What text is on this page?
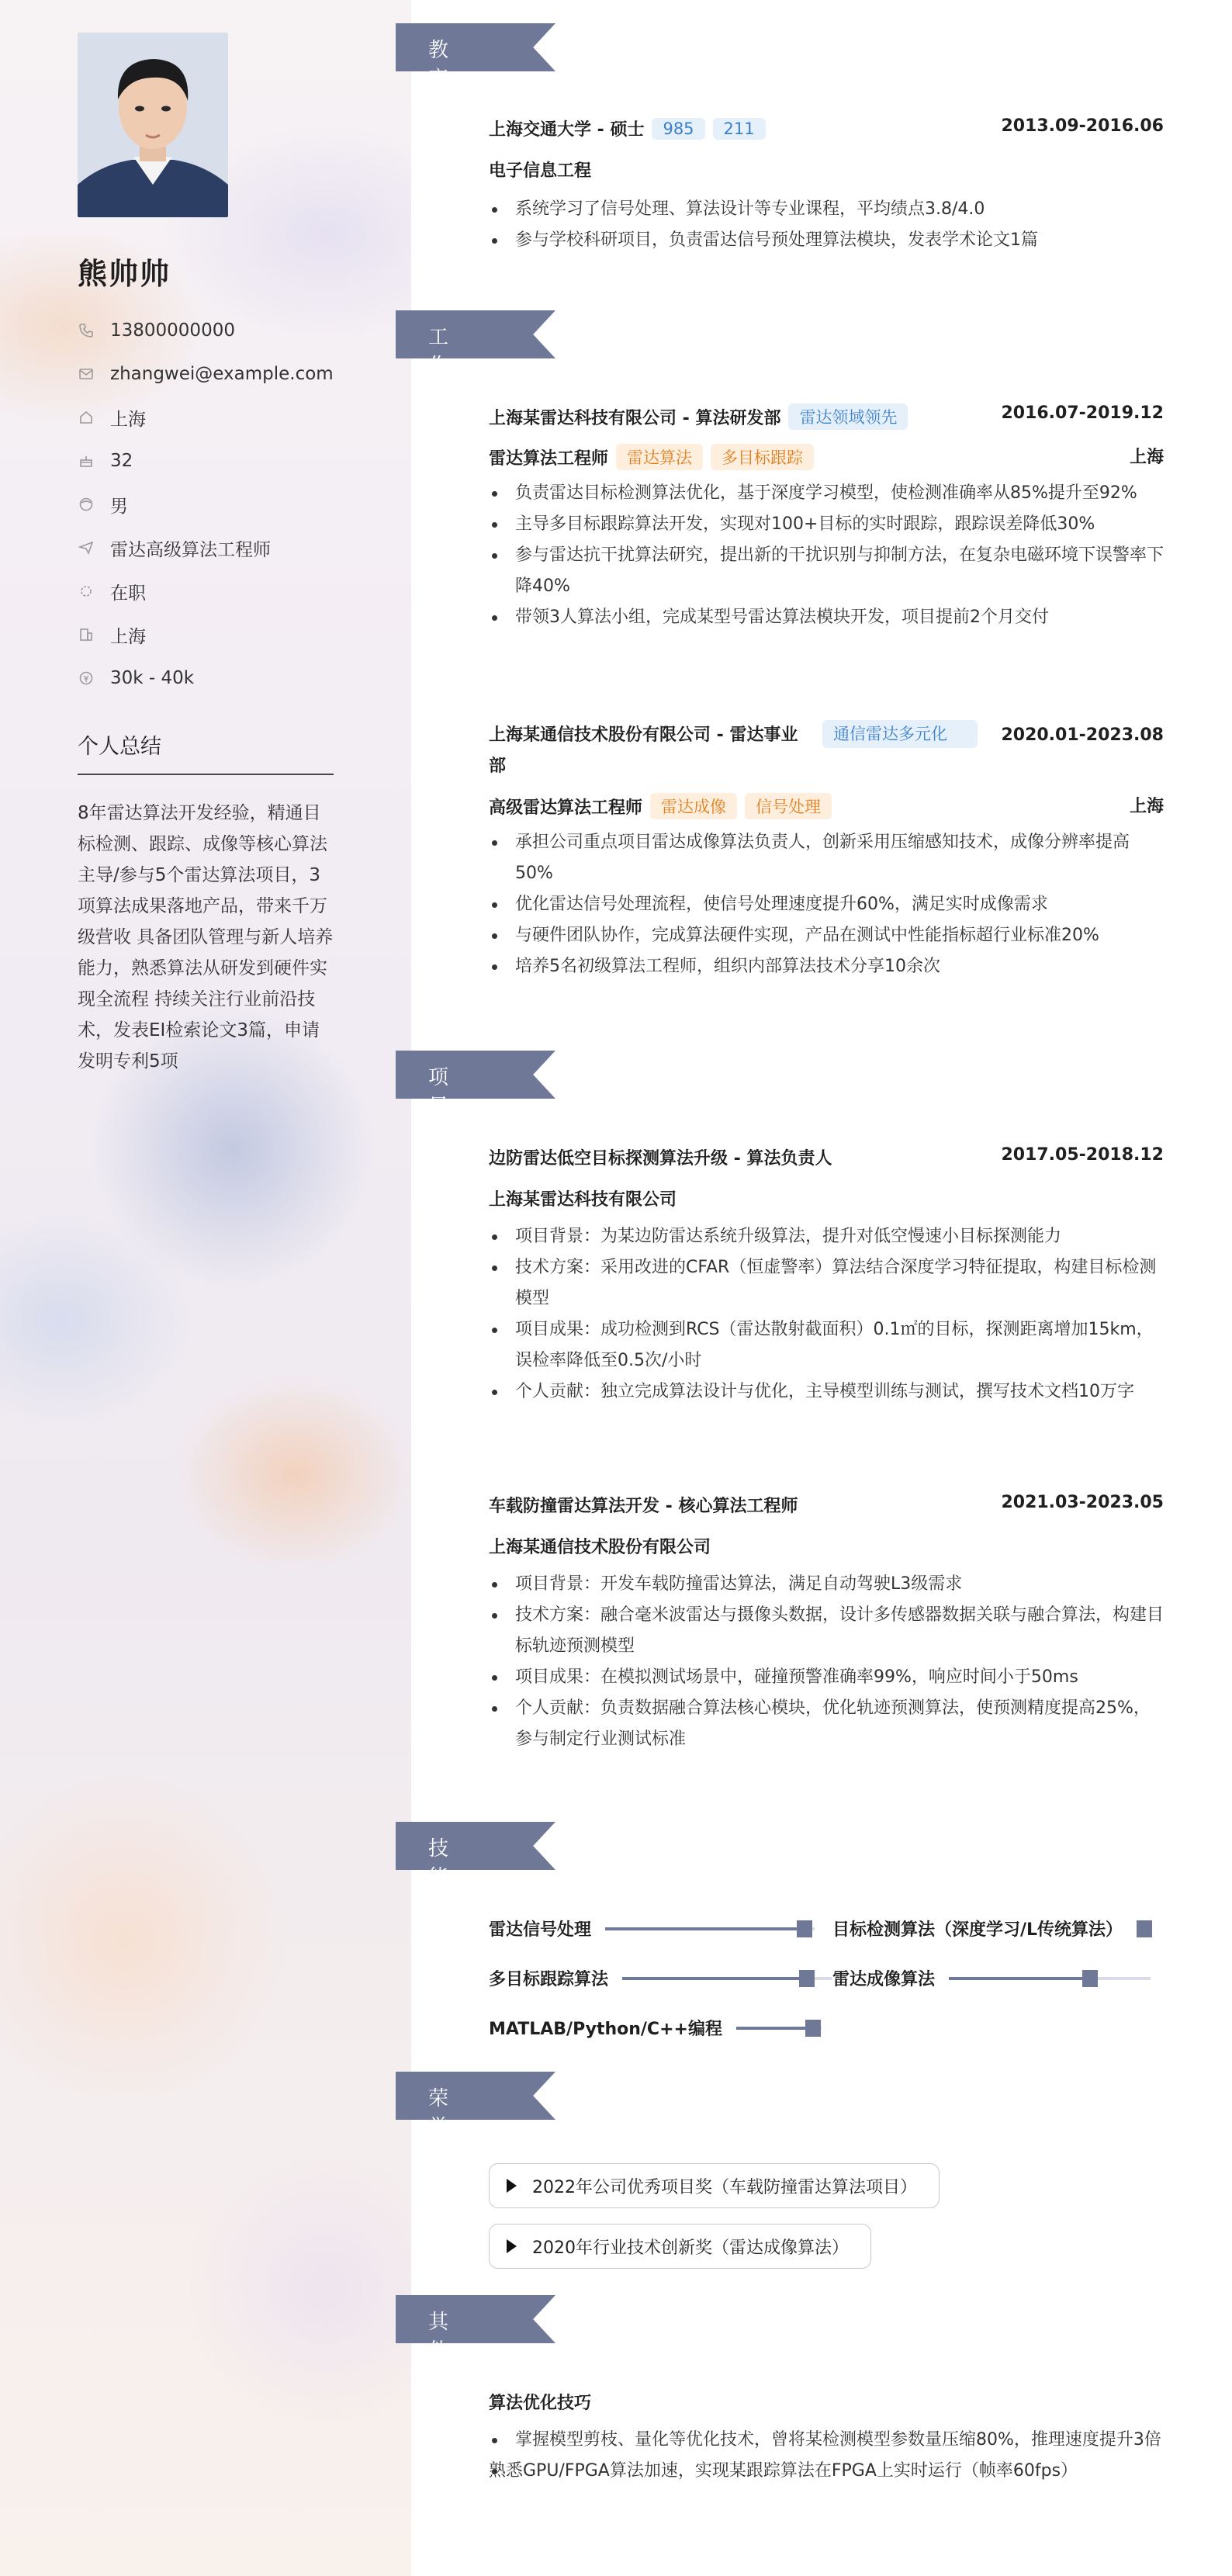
熊帅帅
13800000000
zhangwei@example.com
上海
32
男
雷达高级算法工程师
在职
上海
30k - 40k
个人总结
8年雷达算法开发经验，精通目标检测、跟踪、成像等核心算法 主导/参与5个雷达算法项目，3项算法成果落地产品，带来千万级营收 具备团队管理与新人培养能力，熟悉算法从研发到硬件实现全流程 持续关注行业前沿技术，发表EI检索论文3篇，申请发明专利5项
教育经历 上海交通大学 - 硕士 985 211	2013.09-2016.06
电子信息工程
系统学习了信号处理、算法设计等专业课程，平均绩点3.8/4.0
参与学校科研项目，负责雷达信号预处理算法模块，发表学术论文1篇
工作经历 上海某雷达科技有限公司 - 算法研发部 雷达领域领先	2016.07-2019.12
雷达算法工程师 雷达算法 多目标跟踪	上海
负责雷达目标检测算法优化，基于深度学习模型，使检测准确率从85%提升至92%
主导多目标跟踪算法开发，实现对100+目标的实时跟踪，跟踪误差降低30%
参与雷达抗干扰算法研究，提出新的干扰识别与抑制方法，在复杂电磁环境下误警率下降40%
带领3人算法小组，完成某型号雷达算法模块开发，项目提前2个月交付
上海某通信技术股份有限公司 - 雷达事业部
通信雷达多元化	2020.01-2023.08
高级雷达算法工程师 雷达成像 信号处理	上海
承担公司重点项目雷达成像算法负责人，创新采用压缩感知技术，成像分辨率提高50%
优化雷达信号处理流程，使信号处理速度提升60%，满足实时成像需求
与硬件团队协作，完成算法硬件实现，产品在测试中性能指标超行业标准20%
培养5名初级算法工程师，组织内部算法技术分享10余次
项目经历 边防雷达低空目标探测算法升级 - 算法负责人	2017.05-2018.12
上海某雷达科技有限公司
项目背景：为某边防雷达系统升级算法，提升对低空慢速小目标探测能力
技术方案：采用改进的CFAR（恒虚警率）算法结合深度学习特征提取，构建目标检测模型
项目成果：成功检测到RCS（雷达散射截面积）0.1㎡的目标，探测距离增加15km，误检率降低至0.5次/小时
个人贡献：独立完成算法设计与优化，主导模型训练与测试，撰写技术文档10万字
车载防撞雷达算法开发 - 核心算法工程师	2021.03-2023.05
上海某通信技术股份有限公司
项目背景：开发车载防撞雷达算法，满足自动驾驶L3级需求
技术方案：融合毫米波雷达与摄像头数据，设计多传感器数据关联与融合算法，构建目标轨迹预测模型
项目成果：在模拟测试场景中，碰撞预警准确率99%，响应时间小于50ms
个人贡献：负责数据融合算法核心模块，优化轨迹预测算法，使预测精度提高25%，参与制定行业测试标准
技能专长 雷达信号处理	目标检测算法（深度学习/L传统算法）
多目标跟踪算法	雷达成像算法
MATLAB/Python/C++编程
荣誉奖项	2022年公司优秀项目奖（车载防撞雷达算法项目）
2020年行业技术创新奖（雷达成像算法）
其他信息 算法优化技巧
掌握模型剪枝、量化等优化技术，曾将某检测模型参数量压缩80%，推理速度提升3倍
熟悉GPU/FPGA算法加速，实现某跟踪算法在FPGA上实时运行（帧率60fps）
